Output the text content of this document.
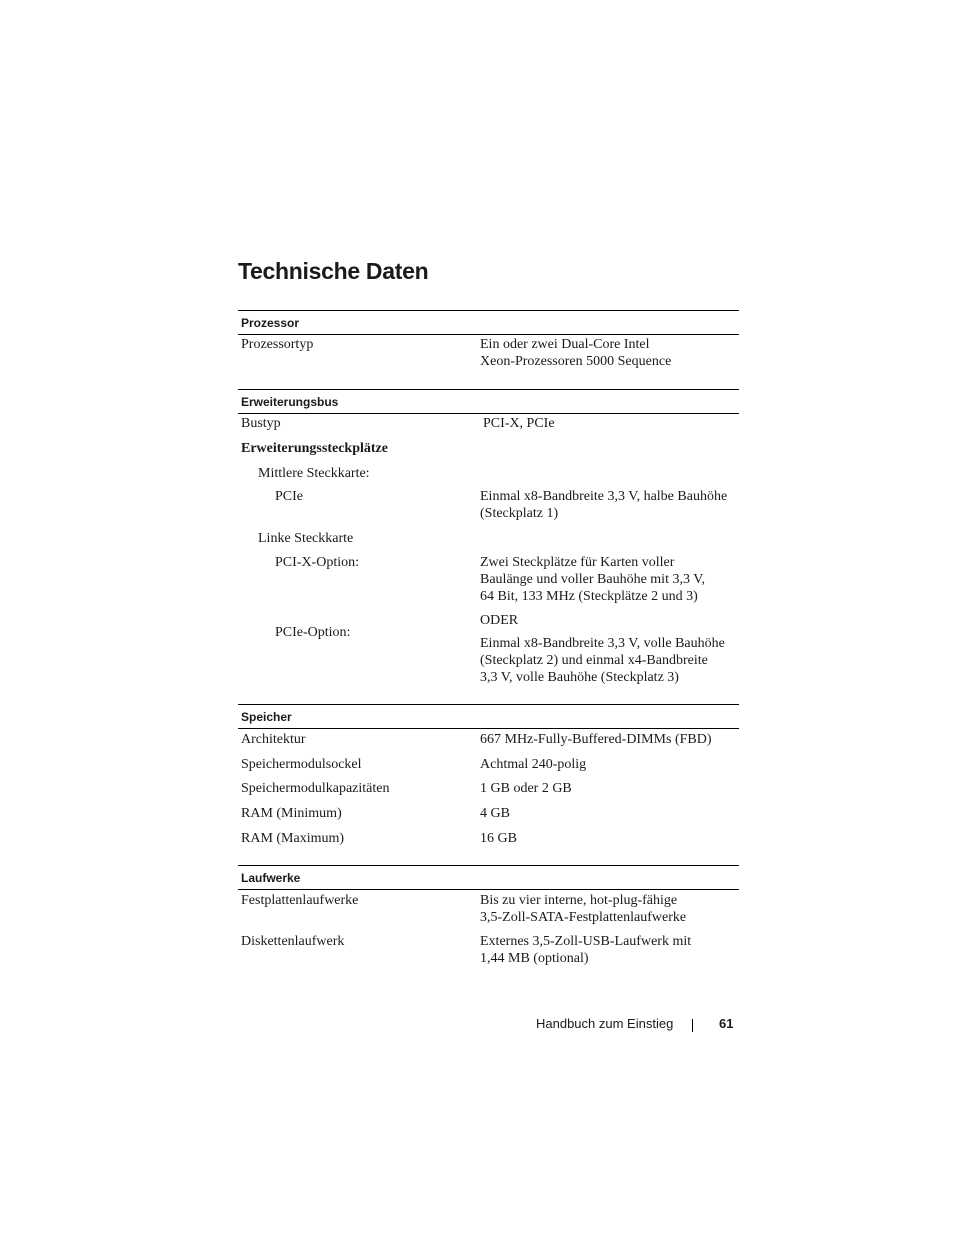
Technische Daten
Prozessor
Prozessortyp	Ein oder zwei Dual-Core Intel
Xeon-Prozessoren 5000 Sequence
Erweiterungsbus
Bustyp	PCI-X, PCIe
Erweiterungssteckplätze
Mittlere Steckkarte:
PCIe	Einmal x8-Bandbreite 3,3 V, halbe Bauhöhe
(Steckplatz 1)
Linke Steckkarte
PCI-X-Option:	Zwei Steckplätze für Karten voller
Baulänge und voller Bauhöhe mit 3,3 V,
64 Bit, 133 MHz (Steckplätze 2 und 3)
ODER
PCIe-Option:
Einmal x8-Bandbreite 3,3 V, volle Bauhöhe
(Steckplatz 2) und einmal x4-Bandbreite
3,3 V, volle Bauhöhe (Steckplatz 3)
Speicher
Architektur	667 MHz-Fully-Buffered-DIMMs (FBD)
Speichermodulsockel	Achtmal 240-polig
Speichermodulkapazitäten	1 GB oder 2 GB
RAM (Minimum)	4 GB
RAM (Maximum)	16 GB
Laufwerke
Festplattenlaufwerke	Bis zu vier interne, hot-plug-fähige
3,5-Zoll-SATA-Festplattenlaufwerke
Diskettenlaufwerk	Externes 3,5-Zoll-USB-Laufwerk mit
1,44 MB (optional)
Handbuch zum Einstieg	61
